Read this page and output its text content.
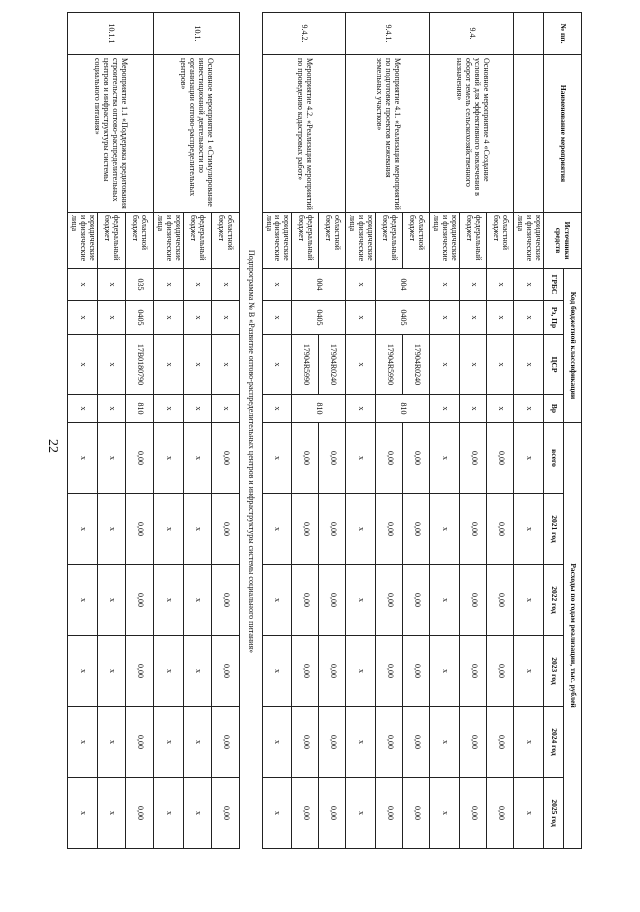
22
№ пп.	Наименование мероприятия	Источники средств	Код бюджетной классификации				Расходы по годам реализации, тыс. рублей					
			ГРБС	Рз, Пр	ЦСР	Вр	всего	2021 год	2022 год	2023 год	2024 год	2025 год
		юридические и физические лица	х	х	х	х	х	х	х	х	х	х
9.4.	Основное мероприятие 4 «Создание условий для эффективного вовлечения в оборот земель сельскохозяйственного назначения»	областной бюджет	х	х	х	х	0,00	0,00	0,00	0,00	0,00	0,00
		федеральный бюджет	х	х	х	х	0,00	0,00	0,00	0,00	0,00	0,00
		юридические и физические лица	х	х	х	х	х	х	х	х	х	х
9.4.1.	Мероприятие 4.1. «Реализация мероприятий по подготовке проектов межевания земельных участков»	областной бюджет	004	0405	17904R0240	810	0,00	0,00	0,00	0,00	0,00	0,00
		федеральный бюджет			17904R5990		0,00	0,00	0,00	0,00	0,00	0,00
		юридические и физические лица	х	х	х	х	х	х	х	х	х	х
9.4.2.	Мероприятие 4.2. «Реализация мероприятий по проведению кадастровых работ»	областной бюджет	004	0405	17904R0240	810	0,00	0,00	0,00	0,00	0,00	0,00
		федеральный бюджет			17904R5990		0,00	0,00	0,00	0,00	0,00	0,00
		юридические и физические лица	х	х	х	х	х	х	х	х	х	х
	Подпрограмма № В «Развитие оптово-распределительных центров и инфраструктуры системы социального питания»											
10.1.	Основное мероприятие 1 «Стимулирование инвестиционной деятельности по организации оптово-распределительных центров»	областной бюджет	х	х	х	х	0,00	0,00	0,00	0,00	0,00	0,00
		федеральный бюджет	х	х	х	х	х	х	х	х	х	х
		юридические и физические лица	х	х	х	х	х	х	х	х	х	х
10.1.1	Мероприятие 1.1 «Поддержка кредитования строительства оптово-распределительных центров и инфраструктуры системы социального питания»	областной бюджет	035	0405	17В0180790	810	0,00	0,00	0,00	0,00	0,00	0,00
		федеральный бюджет	х	х	х	х	х	х	х	х	х	х
		юридические и физические лица	х	х	х	х	х	х	х	х	х	х
